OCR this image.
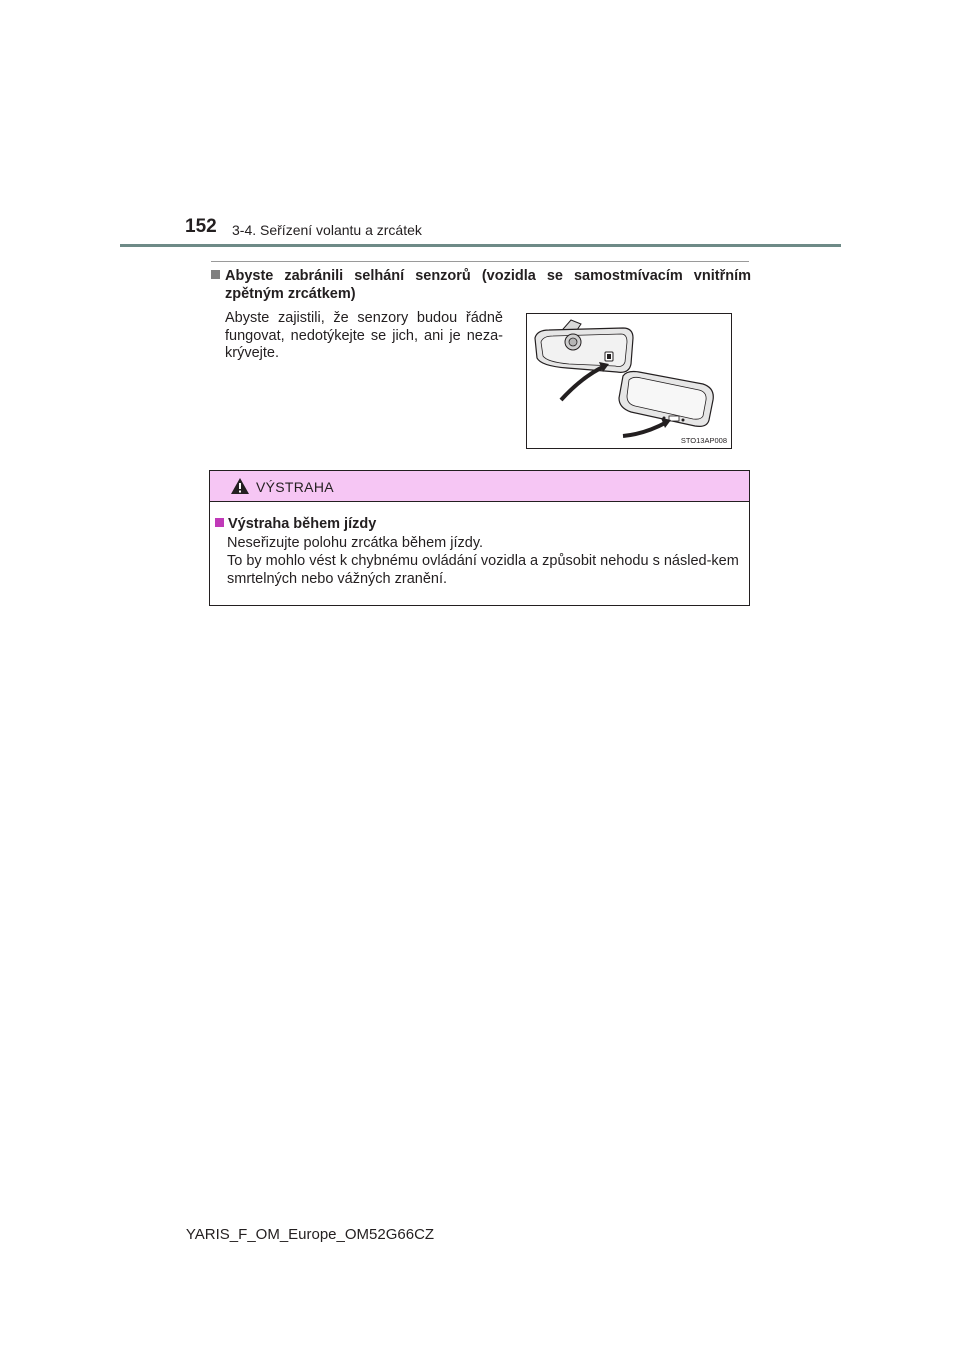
152 3-4. Seřízení volantu a zrcátek
Abyste zabránili selhání senzorů (vozidla se samostmívacím vnitřním
zpětným zrcátkem)
Abyste zajistili, že senzory budou řádně fungovat, nedotýkejte se jich, ani je neza-krývejte.
STO13AP008
VÝSTRAHA
Výstraha během jízdy

Neseřizujte polohu zrcátka během jízdy.

To by mohlo vést k chybnému ovládání vozidla a způsobit nehodu s násled-kem smrtelných nebo vážných zranění.

YARIS_F_OM_Europe_OM52G66CZ
